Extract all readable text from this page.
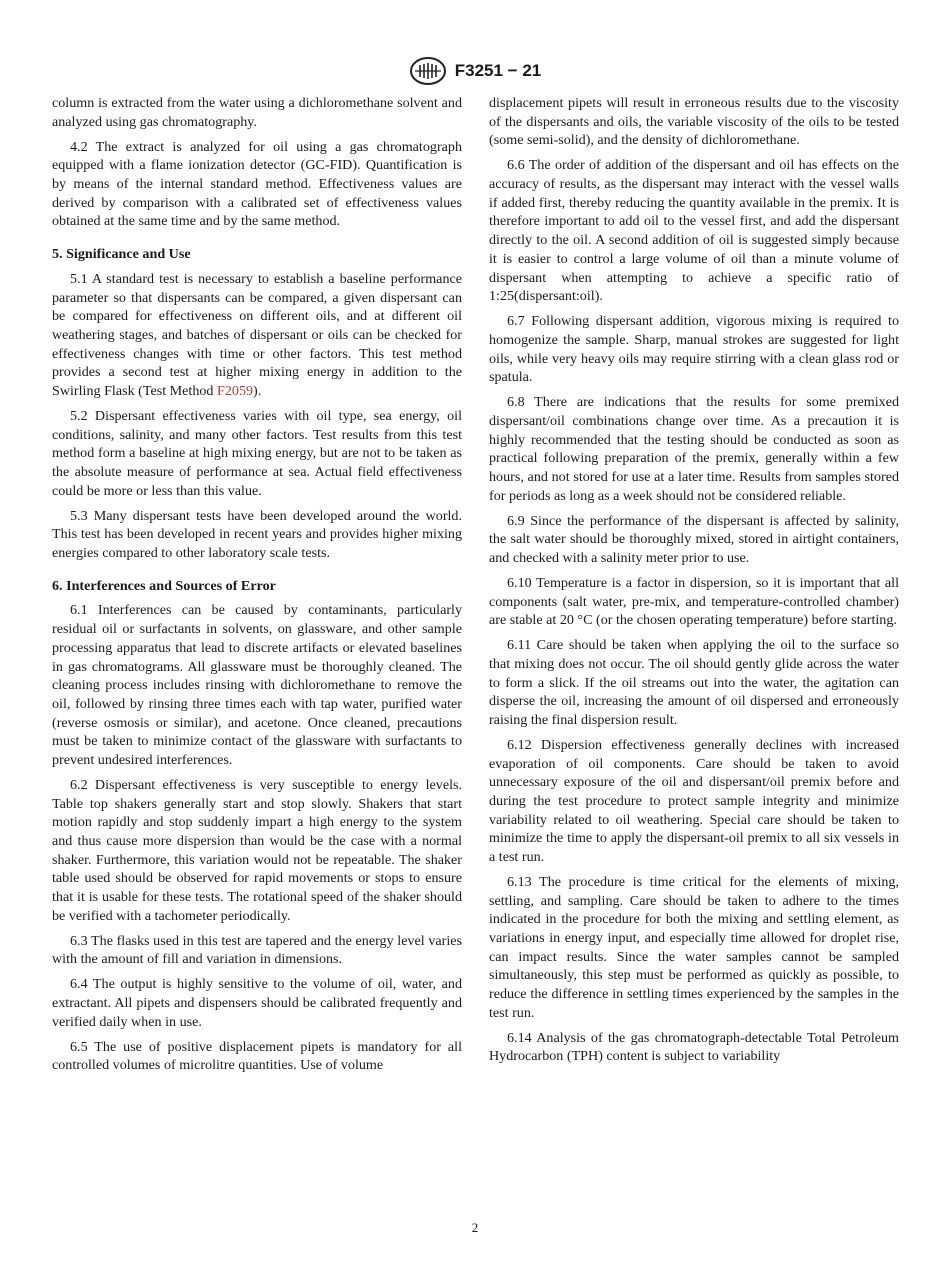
F3251 − 21

column is extracted from the water using a dichloromethane solvent and analyzed using gas chromatography.

4.2 The extract is analyzed for oil using a gas chromatograph equipped with a flame ionization detector (GC-FID). Quantification is by means of the internal standard method. Effectiveness values are derived by comparison with a calibrated set of effectiveness values obtained at the same time and by the same method.

5. Significance and Use

5.1 A standard test is necessary to establish a baseline performance parameter so that dispersants can be compared, a given dispersant can be compared for effectiveness on different oils, and at different oil weathering stages, and batches of dispersant or oils can be checked for effectiveness changes with time or other factors. This test method provides a second test at higher mixing energy in addition to the Swirling Flask (Test Method F2059).

5.2 Dispersant effectiveness varies with oil type, sea energy, oil conditions, salinity, and many other factors. Test results from this test method form a baseline at high mixing energy, but are not to be taken as the absolute measure of performance at sea. Actual field effectiveness could be more or less than this value.

5.3 Many dispersant tests have been developed around the world. This test has been developed in recent years and provides higher mixing energies compared to other laboratory scale tests.

6. Interferences and Sources of Error

6.1 Interferences can be caused by contaminants, particularly residual oil or surfactants in solvents, on glassware, and other sample processing apparatus that lead to discrete artifacts or elevated baselines in gas chromatograms. All glassware must be thoroughly cleaned. The cleaning process includes rinsing with dichloromethane to remove the oil, followed by rinsing three times each with tap water, purified water (reverse osmosis or similar), and acetone. Once cleaned, precautions must be taken to minimize contact of the glassware with surfactants to prevent undesired interferences.

6.2 Dispersant effectiveness is very susceptible to energy levels. Table top shakers generally start and stop slowly. Shakers that start motion rapidly and stop suddenly impart a high energy to the system and thus cause more dispersion than would be the case with a normal shaker. Furthermore, this variation would not be repeatable. The shaker table used should be observed for rapid movements or stops to ensure that it is usable for these tests. The rotational speed of the shaker should be verified with a tachometer periodically.

6.3 The flasks used in this test are tapered and the energy level varies with the amount of fill and variation in dimensions.

6.4 The output is highly sensitive to the volume of oil, water, and extractant. All pipets and dispensers should be calibrated frequently and verified daily when in use.

6.5 The use of positive displacement pipets is mandatory for all controlled volumes of microlitre quantities. Use of volume

displacement pipets will result in erroneous results due to the viscosity of the dispersants and oils, the variable viscosity of the oils to be tested (some semi-solid), and the density of dichloromethane.

6.6 The order of addition of the dispersant and oil has effects on the accuracy of results, as the dispersant may interact with the vessel walls if added first, thereby reducing the quantity available in the premix. It is therefore important to add oil to the vessel first, and add the dispersant directly to the oil. A second addition of oil is suggested simply because it is easier to control a large volume of oil than a minute volume of dispersant when attempting to achieve a specific ratio of 1:25(dispersant:oil).

6.7 Following dispersant addition, vigorous mixing is required to homogenize the sample. Sharp, manual strokes are suggested for light oils, while very heavy oils may require stirring with a clean glass rod or spatula.

6.8 There are indications that the results for some premixed dispersant/oil combinations change over time. As a precaution it is highly recommended that the testing should be conducted as soon as practical following preparation of the premix, generally within a few hours, and not stored for use at a later time. Results from samples stored for periods as long as a week should not be considered reliable.

6.9 Since the performance of the dispersant is affected by salinity, the salt water should be thoroughly mixed, stored in airtight containers, and checked with a salinity meter prior to use.

6.10 Temperature is a factor in dispersion, so it is important that all components (salt water, pre-mix, and temperature-controlled chamber) are stable at 20 °C (or the chosen operating temperature) before starting.

6.11 Care should be taken when applying the oil to the surface so that mixing does not occur. The oil should gently glide across the water to form a slick. If the oil streams out into the water, the agitation can disperse the oil, increasing the amount of oil dispersed and erroneously raising the final dispersion result.

6.12 Dispersion effectiveness generally declines with increased evaporation of oil components. Care should be taken to avoid unnecessary exposure of the oil and dispersant/oil premix before and during the test procedure to protect sample integrity and minimize variability related to oil weathering. Special care should be taken to minimize the time to apply the dispersant-oil premix to all six vessels in a test run.

6.13 The procedure is time critical for the elements of mixing, settling, and sampling. Care should be taken to adhere to the times indicated in the procedure for both the mixing and settling element, as variations in energy input, and especially time allowed for droplet rise, can impact results. Since the water samples cannot be sampled simultaneously, this step must be performed as quickly as possible, to reduce the difference in settling times experienced by the samples in the test run.

6.14 Analysis of the gas chromatograph-detectable Total Petroleum Hydrocarbon (TPH) content is subject to variability

2
